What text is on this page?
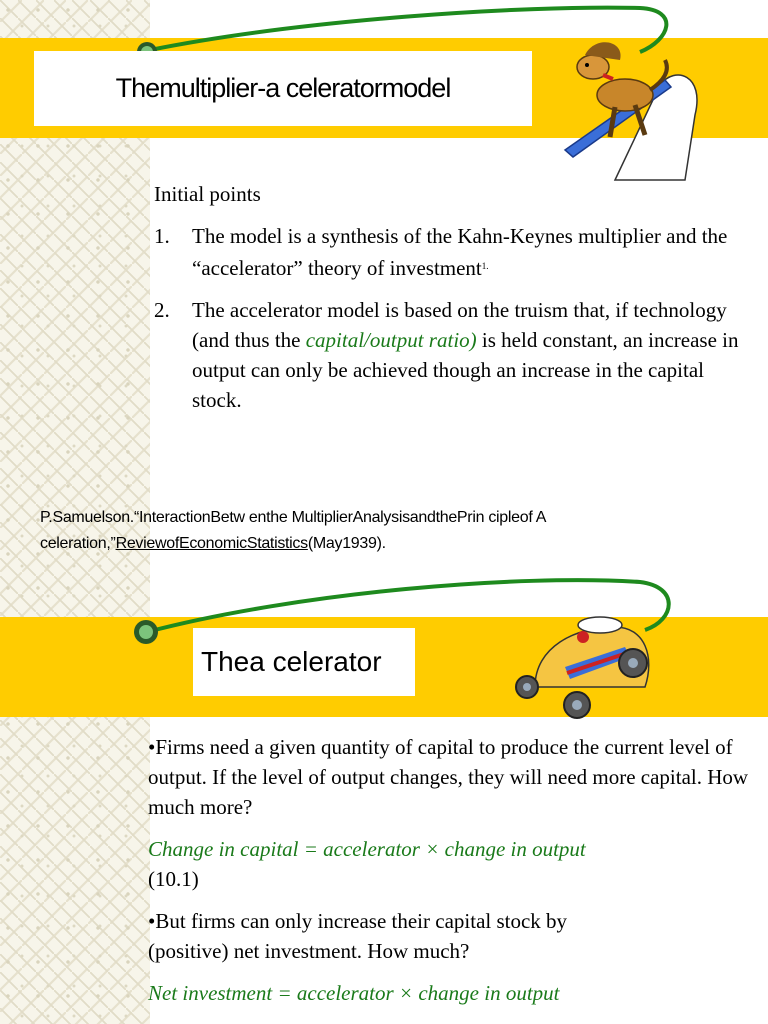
Themultiplier-a celeratormodel
Initial points
1. The model is a synthesis of the Kahn-Keynes multiplier and the “accelerator” theory of investment$^{1.}$
2. The accelerator model is based on the truism that, if technology (and thus the capital/output ratio) is held constant, an increase in output can only be achieved though an increase in the capital stock.
P.Samuelson.“InteractionBetw enthe MultiplierAnalysisandthePrin cipleof A celeration,”ReviewofEconomicStatistics(May1939).
Thea celerator
•Firms need a given quantity of capital to produce the current level of output. If the level of output changes, they will need more capital. How much more?
Change in capital = accelerator × change in output
(10.1)
•But firms can only increase their capital stock by (positive) net investment. How much?
Net investment = accelerator × change in output
